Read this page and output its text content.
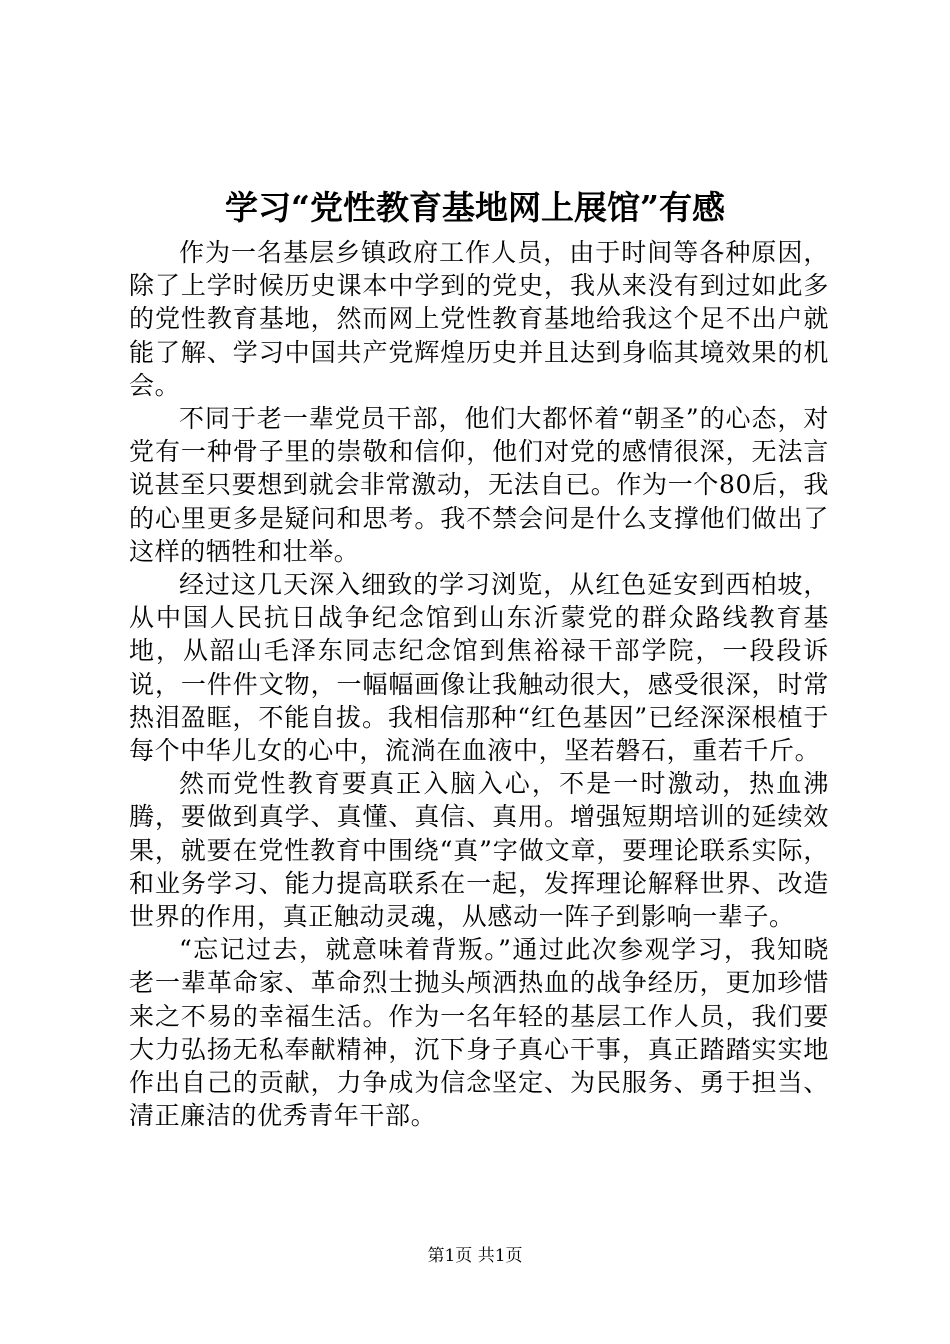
学习“党性教育基地网上展馆”有感

作为一名基层乡镇政府工作人员，由于时间等各种原因，除了上学时候历史课本中学到的党史，我从来没有到过如此多的党性教育基地，然而网上党性教育基地给我这个足不出户就能了解、学习中国共产党辉煌历史并且达到身临其境效果的机会。

不同于老一辈党员干部，他们大都怀着“朝圣”的心态，对党有一种骨子里的崇敬和信仰，他们对党的感情很深，无法言说甚至只要想到就会非常激动，无法自已。作为一个80后，我的心里更多是疑问和思考。我不禁会问是什么支撑他们做出了这样的牺牲和壮举。

经过这几天深入细致的学习浏览，从红色延安到西柏坡，从中国人民抗日战争纪念馆到山东沂蒙党的群众路线教育基地，从韶山毛泽东同志纪念馆到焦裕禄干部学院，一段段诉说，一件件文物，一幅幅画像让我触动很大，感受很深，时常热泪盈眶，不能自拔。我相信那种“红色基因”已经深深根植于每个中华儿女的心中，流淌在血液中，坚若磐石，重若千斤。

然而党性教育要真正入脑入心，不是一时激动，热血沸腾，要做到真学、真懂、真信、真用。增强短期培训的延续效果，就要在党性教育中围绕“真”字做文章，要理论联系实际，和业务学习、能力提高联系在一起，发挥理论解释世界、改造世界的作用，真正触动灵魂，从感动一阵子到影响一辈子。

“忘记过去，就意味着背叛。”通过此次参观学习，我知晓老一辈革命家、革命烈士抛头颅洒热血的战争经历，更加珍惜来之不易的幸福生活。作为一名年轻的基层工作人员，我们要大力弘扬无私奉献精神，沉下身子真心干事，真正踏踏实实地作出自己的贡献，力争成为信念坚定、为民服务、勇于担当、清正廉洁的优秀青年干部。

第1页 共1页
